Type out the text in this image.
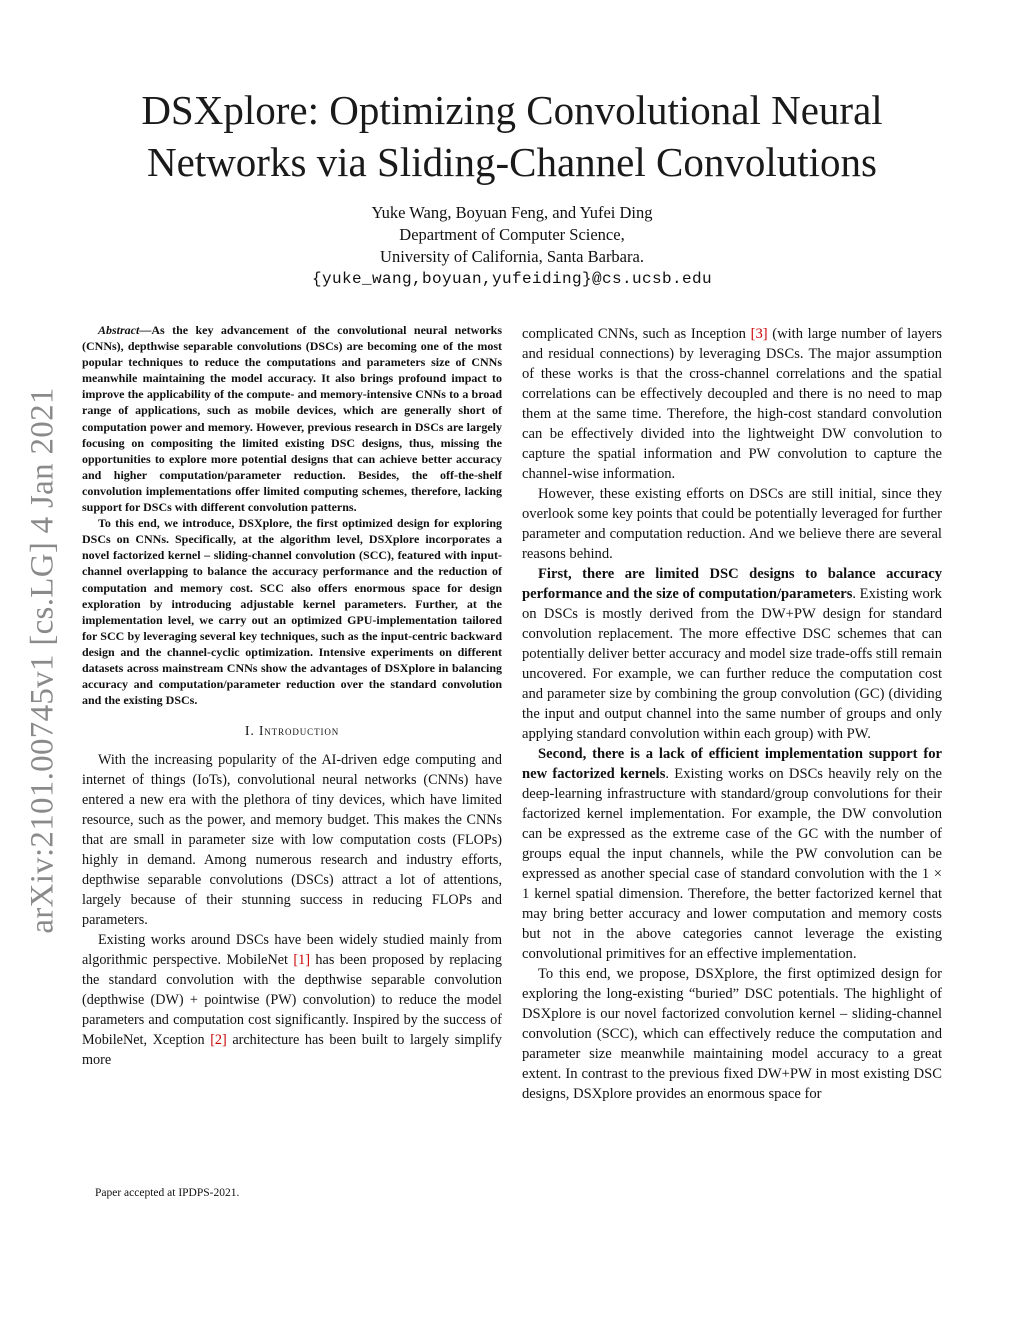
arXiv:2101.00745v1 [cs.LG] 4 Jan 2021
DSXplore: Optimizing Convolutional Neural
Networks via Sliding-Channel Convolutions
Yuke Wang, Boyuan Feng, and Yufei Ding
Department of Computer Science,
University of California, Santa Barbara.
{yuke_wang,boyuan,yufeiding}@cs.ucsb.edu

Abstract—As the key advancement of the convolutional neural networks (CNNs), depthwise separable convolutions (DSCs) are becoming one of the most popular techniques to reduce the computations and parameters size of CNNs meanwhile maintaining the model accuracy. It also brings profound impact to improve the applicability of the compute- and memory-intensive CNNs to a broad range of applications, such as mobile devices, which are generally short of computation power and memory. However, previous research in DSCs are largely focusing on compositing the limited existing DSC designs, thus, missing the opportunities to explore more potential designs that can achieve better accuracy and higher computation/parameter reduction. Besides, the off-the-shelf convolution implementations offer limited computing schemes, therefore, lacking support for DSCs with different convolution patterns.

To this end, we introduce, DSXplore, the first optimized design for exploring DSCs on CNNs. Specifically, at the algorithm level, DSXplore incorporates a novel factorized kernel – sliding-channel convolution (SCC), featured with input-channel overlapping to balance the accuracy performance and the reduction of computation and memory cost. SCC also offers enormous space for design exploration by introducing adjustable kernel parameters. Further, at the implementation level, we carry out an optimized GPU-implementation tailored for SCC by leveraging several key techniques, such as the input-centric backward design and the channel-cyclic optimization. Intensive experiments on different datasets across mainstream CNNs show the advantages of DSXplore in balancing accuracy and computation/parameter reduction over the standard convolution and the existing DSCs.

I. Introduction

With the increasing popularity of the AI-driven edge computing and internet of things (IoTs), convolutional neural networks (CNNs) have entered a new era with the plethora of tiny devices, which have limited resource, such as the power, and memory budget. This makes the CNNs that are small in parameter size with low computation costs (FLOPs) highly in demand. Among numerous research and industry efforts, depthwise separable convolutions (DSCs) attract a lot of attentions, largely because of their stunning success in reducing FLOPs and parameters.

Existing works around DSCs have been widely studied mainly from algorithmic perspective. MobileNet [1] has been proposed by replacing the standard convolution with the depthwise separable convolution (depthwise (DW) + pointwise (PW) convolution) to reduce the model parameters and computation cost significantly. Inspired by the success of MobileNet, Xception [2] architecture has been built to largely simplify more

Paper accepted at IPDPS-2021.

complicated CNNs, such as Inception [3] (with large number of layers and residual connections) by leveraging DSCs. The major assumption of these works is that the cross-channel correlations and the spatial correlations can be effectively decoupled and there is no need to map them at the same time. Therefore, the high-cost standard convolution can be effectively divided into the lightweight DW convolution to capture the spatial information and PW convolution to capture the channel-wise information.

However, these existing efforts on DSCs are still initial, since they overlook some key points that could be potentially leveraged for further parameter and computation reduction. And we believe there are several reasons behind.

First, there are limited DSC designs to balance accuracy performance and the size of computation/parameters. Existing work on DSCs is mostly derived from the DW+PW design for standard convolution replacement. The more effective DSC schemes that can potentially deliver better accuracy and model size trade-offs still remain uncovered. For example, we can further reduce the computation cost and parameter size by combining the group convolution (GC) (dividing the input and output channel into the same number of groups and only applying standard convolution within each group) with PW.

Second, there is a lack of efficient implementation support for new factorized kernels. Existing works on DSCs heavily rely on the deep-learning infrastructure with standard/group convolutions for their factorized kernel implementation. For example, the DW convolution can be expressed as the extreme case of the GC with the number of groups equal the input channels, while the PW convolution can be expressed as another special case of standard convolution with the 1 × 1 kernel spatial dimension. Therefore, the better factorized kernel that may bring better accuracy and lower computation and memory costs but not in the above categories cannot leverage the existing convolutional primitives for an effective implementation.

To this end, we propose, DSXplore, the first optimized design for exploring the long-existing “buried” DSC potentials. The highlight of DSXplore is our novel factorized convolution kernel – sliding-channel convolution (SCC), which can effectively reduce the computation and parameter size meanwhile maintaining model accuracy to a great extent. In contrast to the previous fixed DW+PW in most existing DSC designs, DSXplore provides an enormous space for
